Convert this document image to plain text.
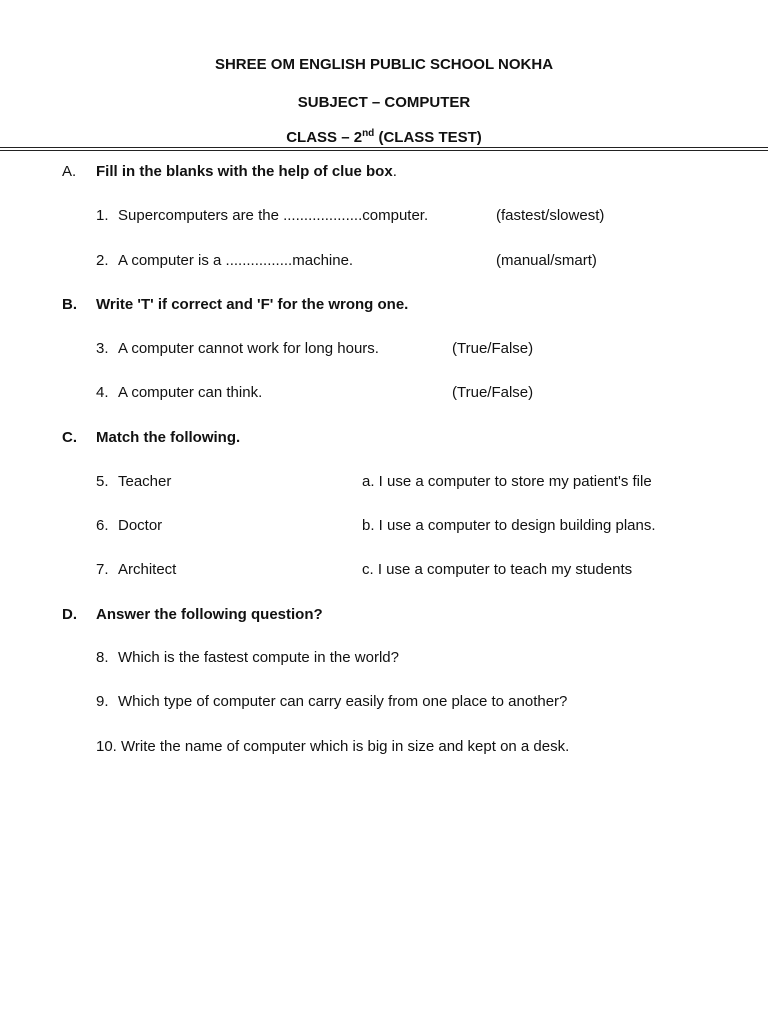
SHREE OM ENGLISH PUBLIC SCHOOL NOKHA
SUBJECT – COMPUTER
CLASS – 2nd (CLASS TEST)
A. Fill in the blanks with the help of clue box.
1. Supercomputers are the ...................computer.	(fastest/slowest)
2. A computer is a ................machine.	(manual/smart)
B. Write 'T' if correct and 'F' for the wrong one.
3. A computer cannot work for long hours.	(True/False)
4. A computer can think.	(True/False)
C. Match the following.
5. Teacher	a. I use a computer to store my patient's file
6. Doctor	b. I use a computer to design building plans.
7. Architect	c. I use a computer to teach my students
D. Answer the following question?
8. Which is the fastest compute in the world?
9. Which type of computer can carry easily from one place to another?
10. Write the name of computer which is big in size and kept on a desk.
